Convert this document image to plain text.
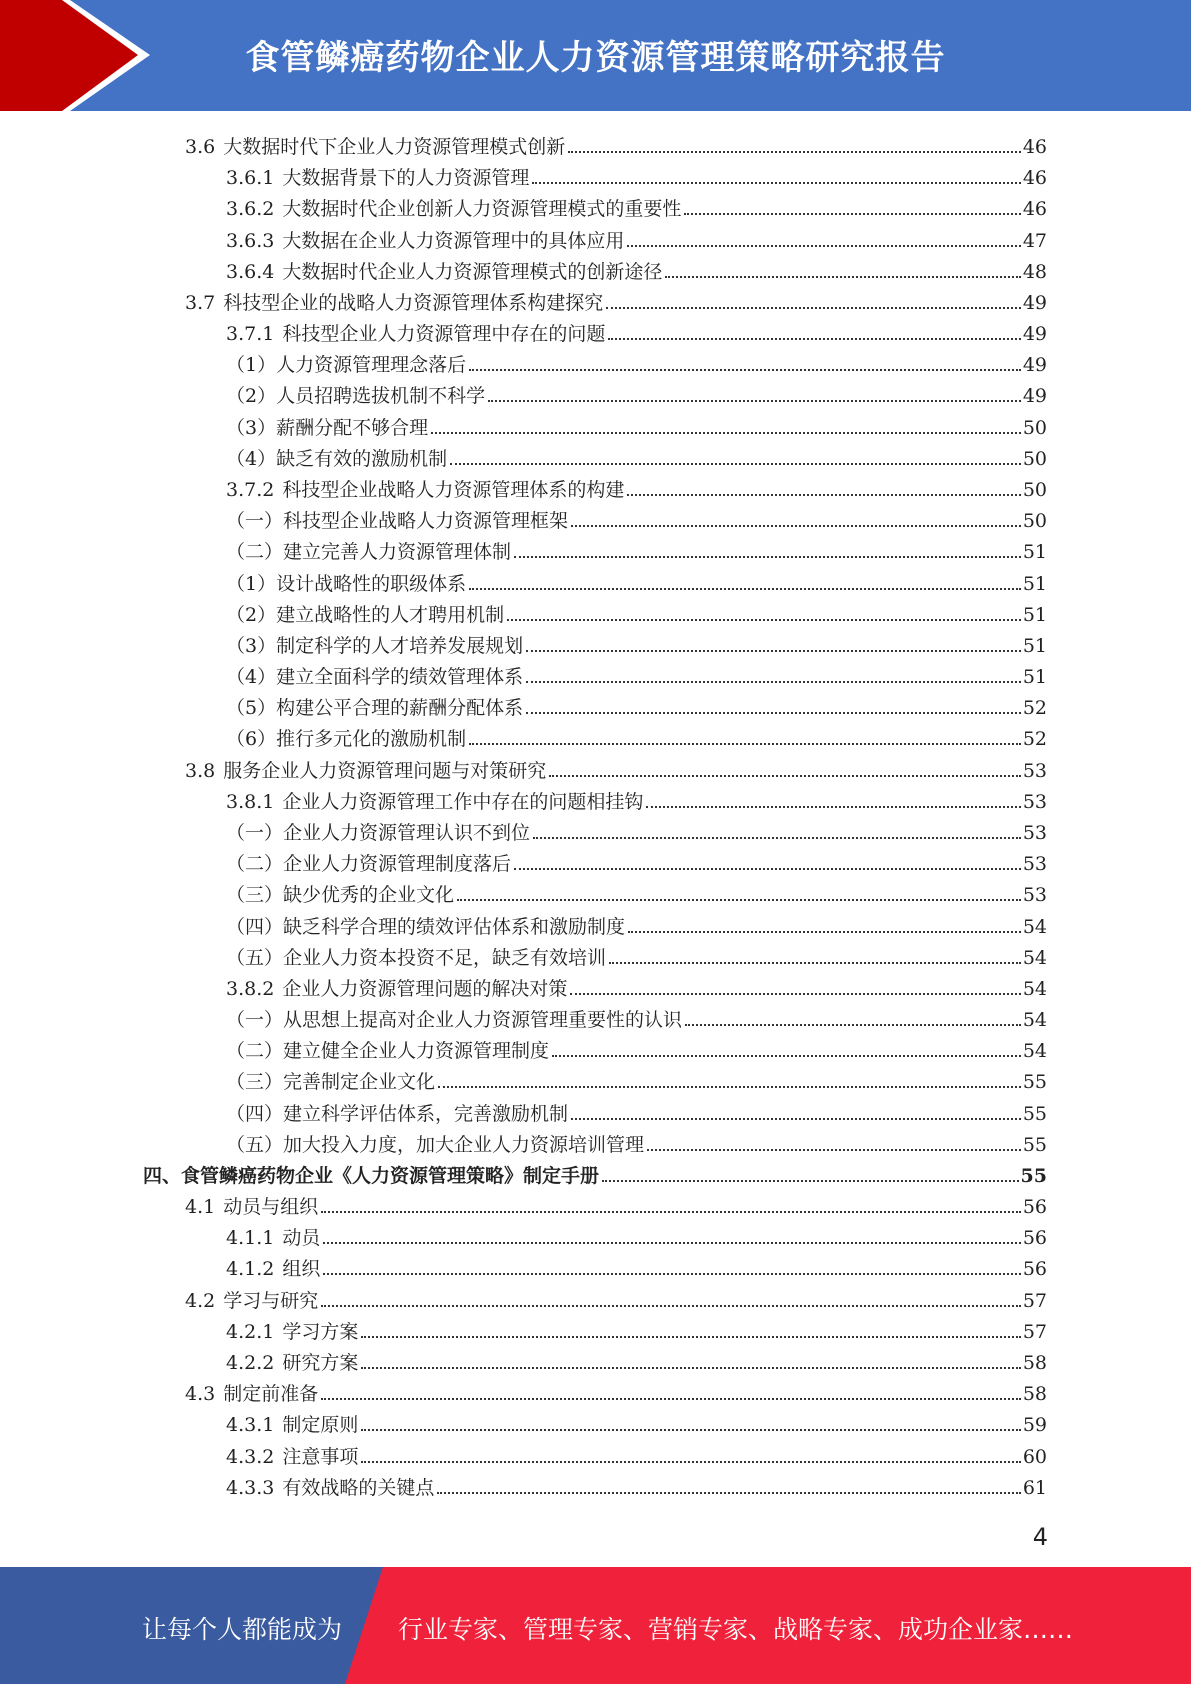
食管鳞癌药物企业人力资源管理策略研究报告
3.6 大数据时代下企业人力资源管理模式创新	46
3.6.1 大数据背景下的人力资源管理	46
3.6.2 大数据时代企业创新人力资源管理模式的重要性	46
3.6.3 大数据在企业人力资源管理中的具体应用	47
3.6.4 大数据时代企业人力资源管理模式的创新途径	48
3.7 科技型企业的战略人力资源管理体系构建探究	49
3.7.1 科技型企业人力资源管理中存在的问题	49
（1） 人力资源管理理念落后	49
（2） 人员招聘选拔机制不科学	49
（3） 薪酬分配不够合理	50
（4） 缺乏有效的激励机制	50
3.7.2 科技型企业战略人力资源管理体系的构建	50
（一） 科技型企业战略人力资源管理框架	50
（二） 建立完善人力资源管理体制	51
（1） 设计战略性的职级体系	51
（2） 建立战略性的人才聘用机制	51
（3） 制定科学的人才培养发展规划	51
（4） 建立全面科学的绩效管理体系	51
（5） 构建公平合理的薪酬分配体系	52
（6） 推行多元化的激励机制	52
3.8 服务企业人力资源管理问题与对策研究	53
3.8.1 企业人力资源管理工作中存在的问题相挂钩	53
（一） 企业人力资源管理认识不到位	53
（二） 企业人力资源管理制度落后	53
（三） 缺少优秀的企业文化	53
（四） 缺乏科学合理的绩效评估体系和激励制度	54
（五） 企业人力资本投资不足，缺乏有效培训	54
3.8.2 企业人力资源管理问题的解决对策	54
（一） 从思想上提高对企业人力资源管理重要性的认识	54
（二） 建立健全企业人力资源管理制度	54
（三） 完善制定企业文化	55
（四） 建立科学评估体系，完善激励机制	55
（五） 加大投入力度，加大企业人力资源培训管理	55
四、 食管鳞癌药物企业《人力资源管理策略》制定手册	55
4.1 动员与组织	56
4.1.1 动员	56
4.1.2 组织	56
4.2 学习与研究	57
4.2.1 学习方案	57
4.2.2 研究方案	58
4.3 制定前准备	58
4.3.1 制定原则	59
4.3.2 注意事项	60
4.3.3 有效战略的关键点	61
4
让每个人都能成为 行业专家、管理专家、营销专家、战略专家、成功企业家……
